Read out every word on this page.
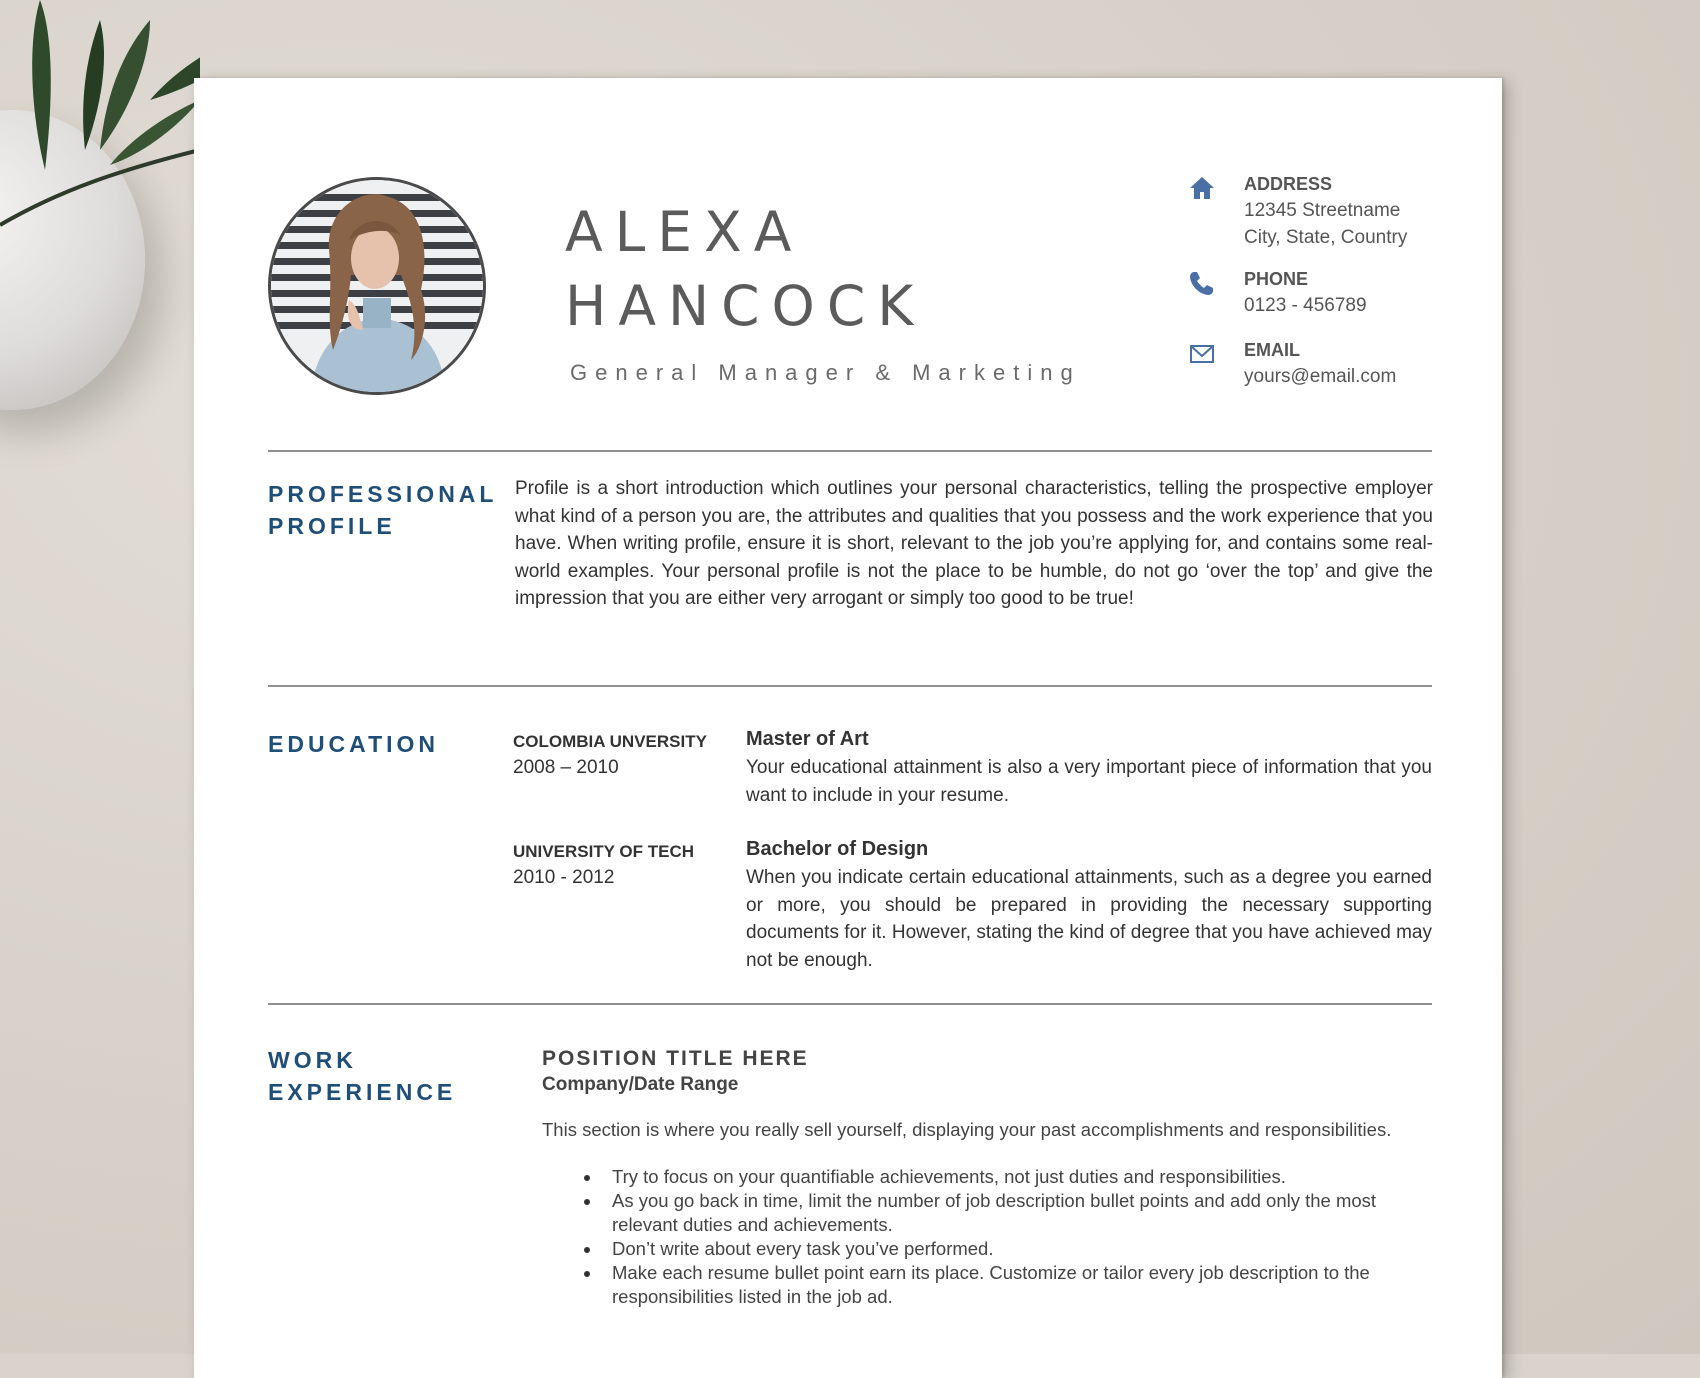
ALEXA
HANCOCK
General Manager & Marketing
ADDRESS
12345 Streetname
City, State, Country
PHONE
0123 - 456789
EMAIL
yours@email.com
PROFESSIONAL
PROFILE
Profile is a short introduction which outlines your personal characteristics, telling the prospective employer what kind of a person you are, the attributes and qualities that you possess and the work experience that you have. When writing profile, ensure it is short, relevant to the job you’re applying for, and contains some real-world examples. Your personal profile is not the place to be humble, do not go ‘over the top’ and give the impression that you are either very arrogant or simply too good to be true!
EDUCATION	COLOMBIA UNVERSITY
2008 – 2010
Master of Art
Your educational attainment is also a very important piece of information that you want to include in your resume.
UNIVERSITY OF TECH
2010 - 2012
Bachelor of Design
When you indicate certain educational attainments, such as a degree you earned or more, you should be prepared in providing the necessary supporting documents for it. However, stating the kind of degree that you have achieved may not be enough.
WORK
EXPERIENCE
POSITION TITLE HERE
Company/Date Range
This section is where you really sell yourself, displaying your past accomplishments and responsibilities.
Try to focus on your quantifiable achievements, not just duties and responsibilities.
As you go back in time, limit the number of job description bullet points and add only the most relevant duties and achievements.
Don’t write about every task you’ve performed.
Make each resume bullet point earn its place. Customize or tailor every job description to the responsibilities listed in the job ad.
